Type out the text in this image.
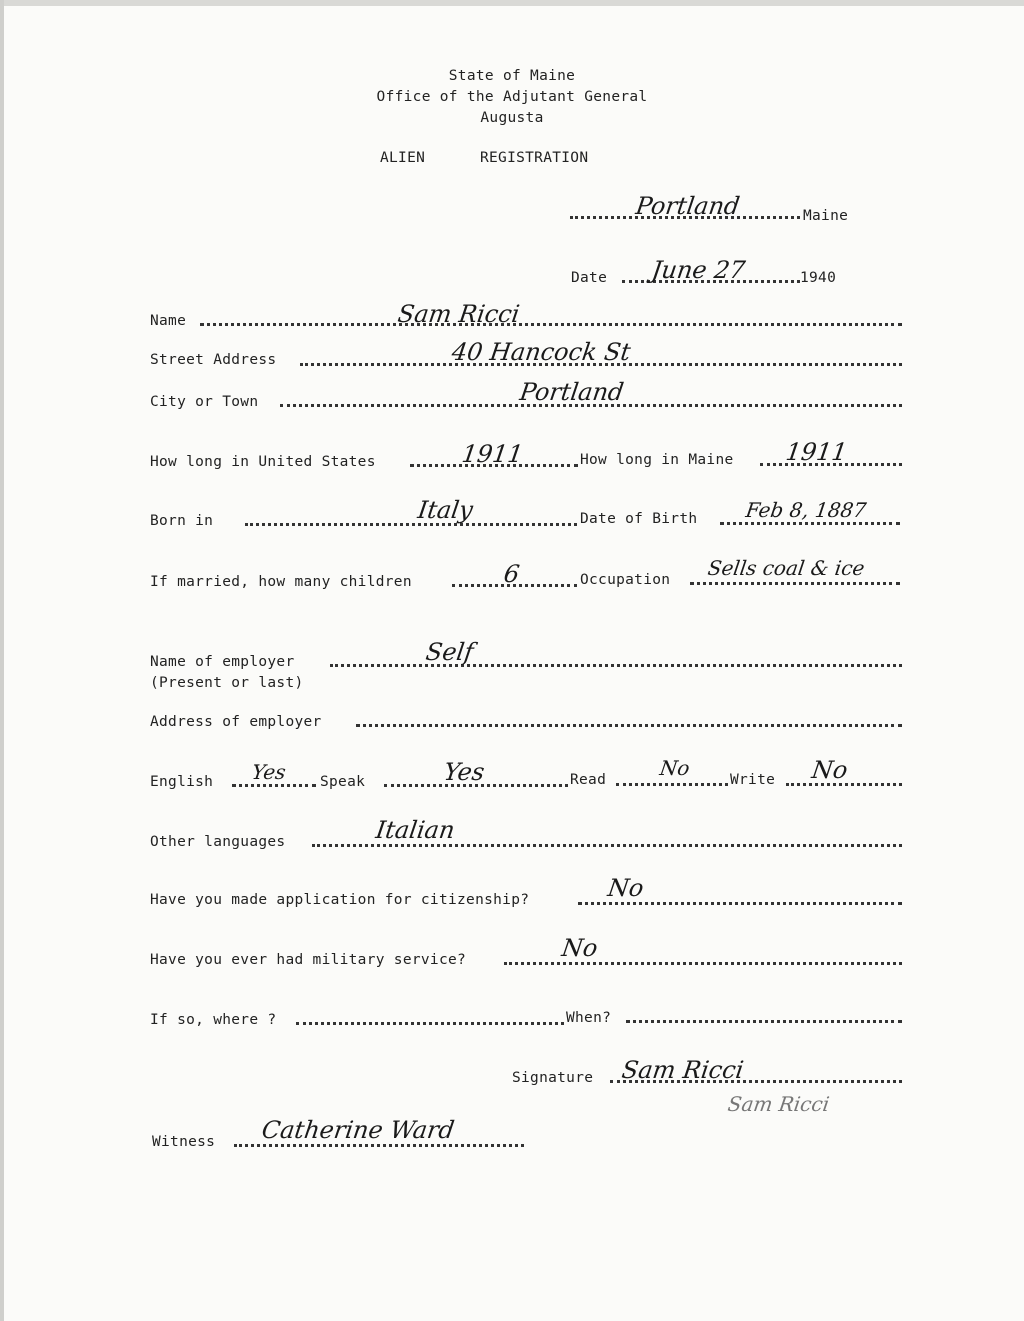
State of Maine
Office of the Adjutant General
Augusta
ALIEN	REGISTRATION
Portland	Maine
Date June 27	1940
Name	Sam Ricci
Street Address	40 Hancock St
City or Town	Portland
How long in United States	1911	How long in Maine 1911
Born in	Italy	Date of Birth Feb 8, 1887
If married, how many children	6	Occupation Sells coal & ice
Name of employer
(Present or last)
Self
Address of employer
English Yes Speak	Yes	Read	No	Write No
Other languages	Italian
Have you made application for citizenship?	No
Have you ever had military service?	No
If so, where ?	When?
Signature Sam Ricci
Sam Ricci
Witness Catherine Ward
